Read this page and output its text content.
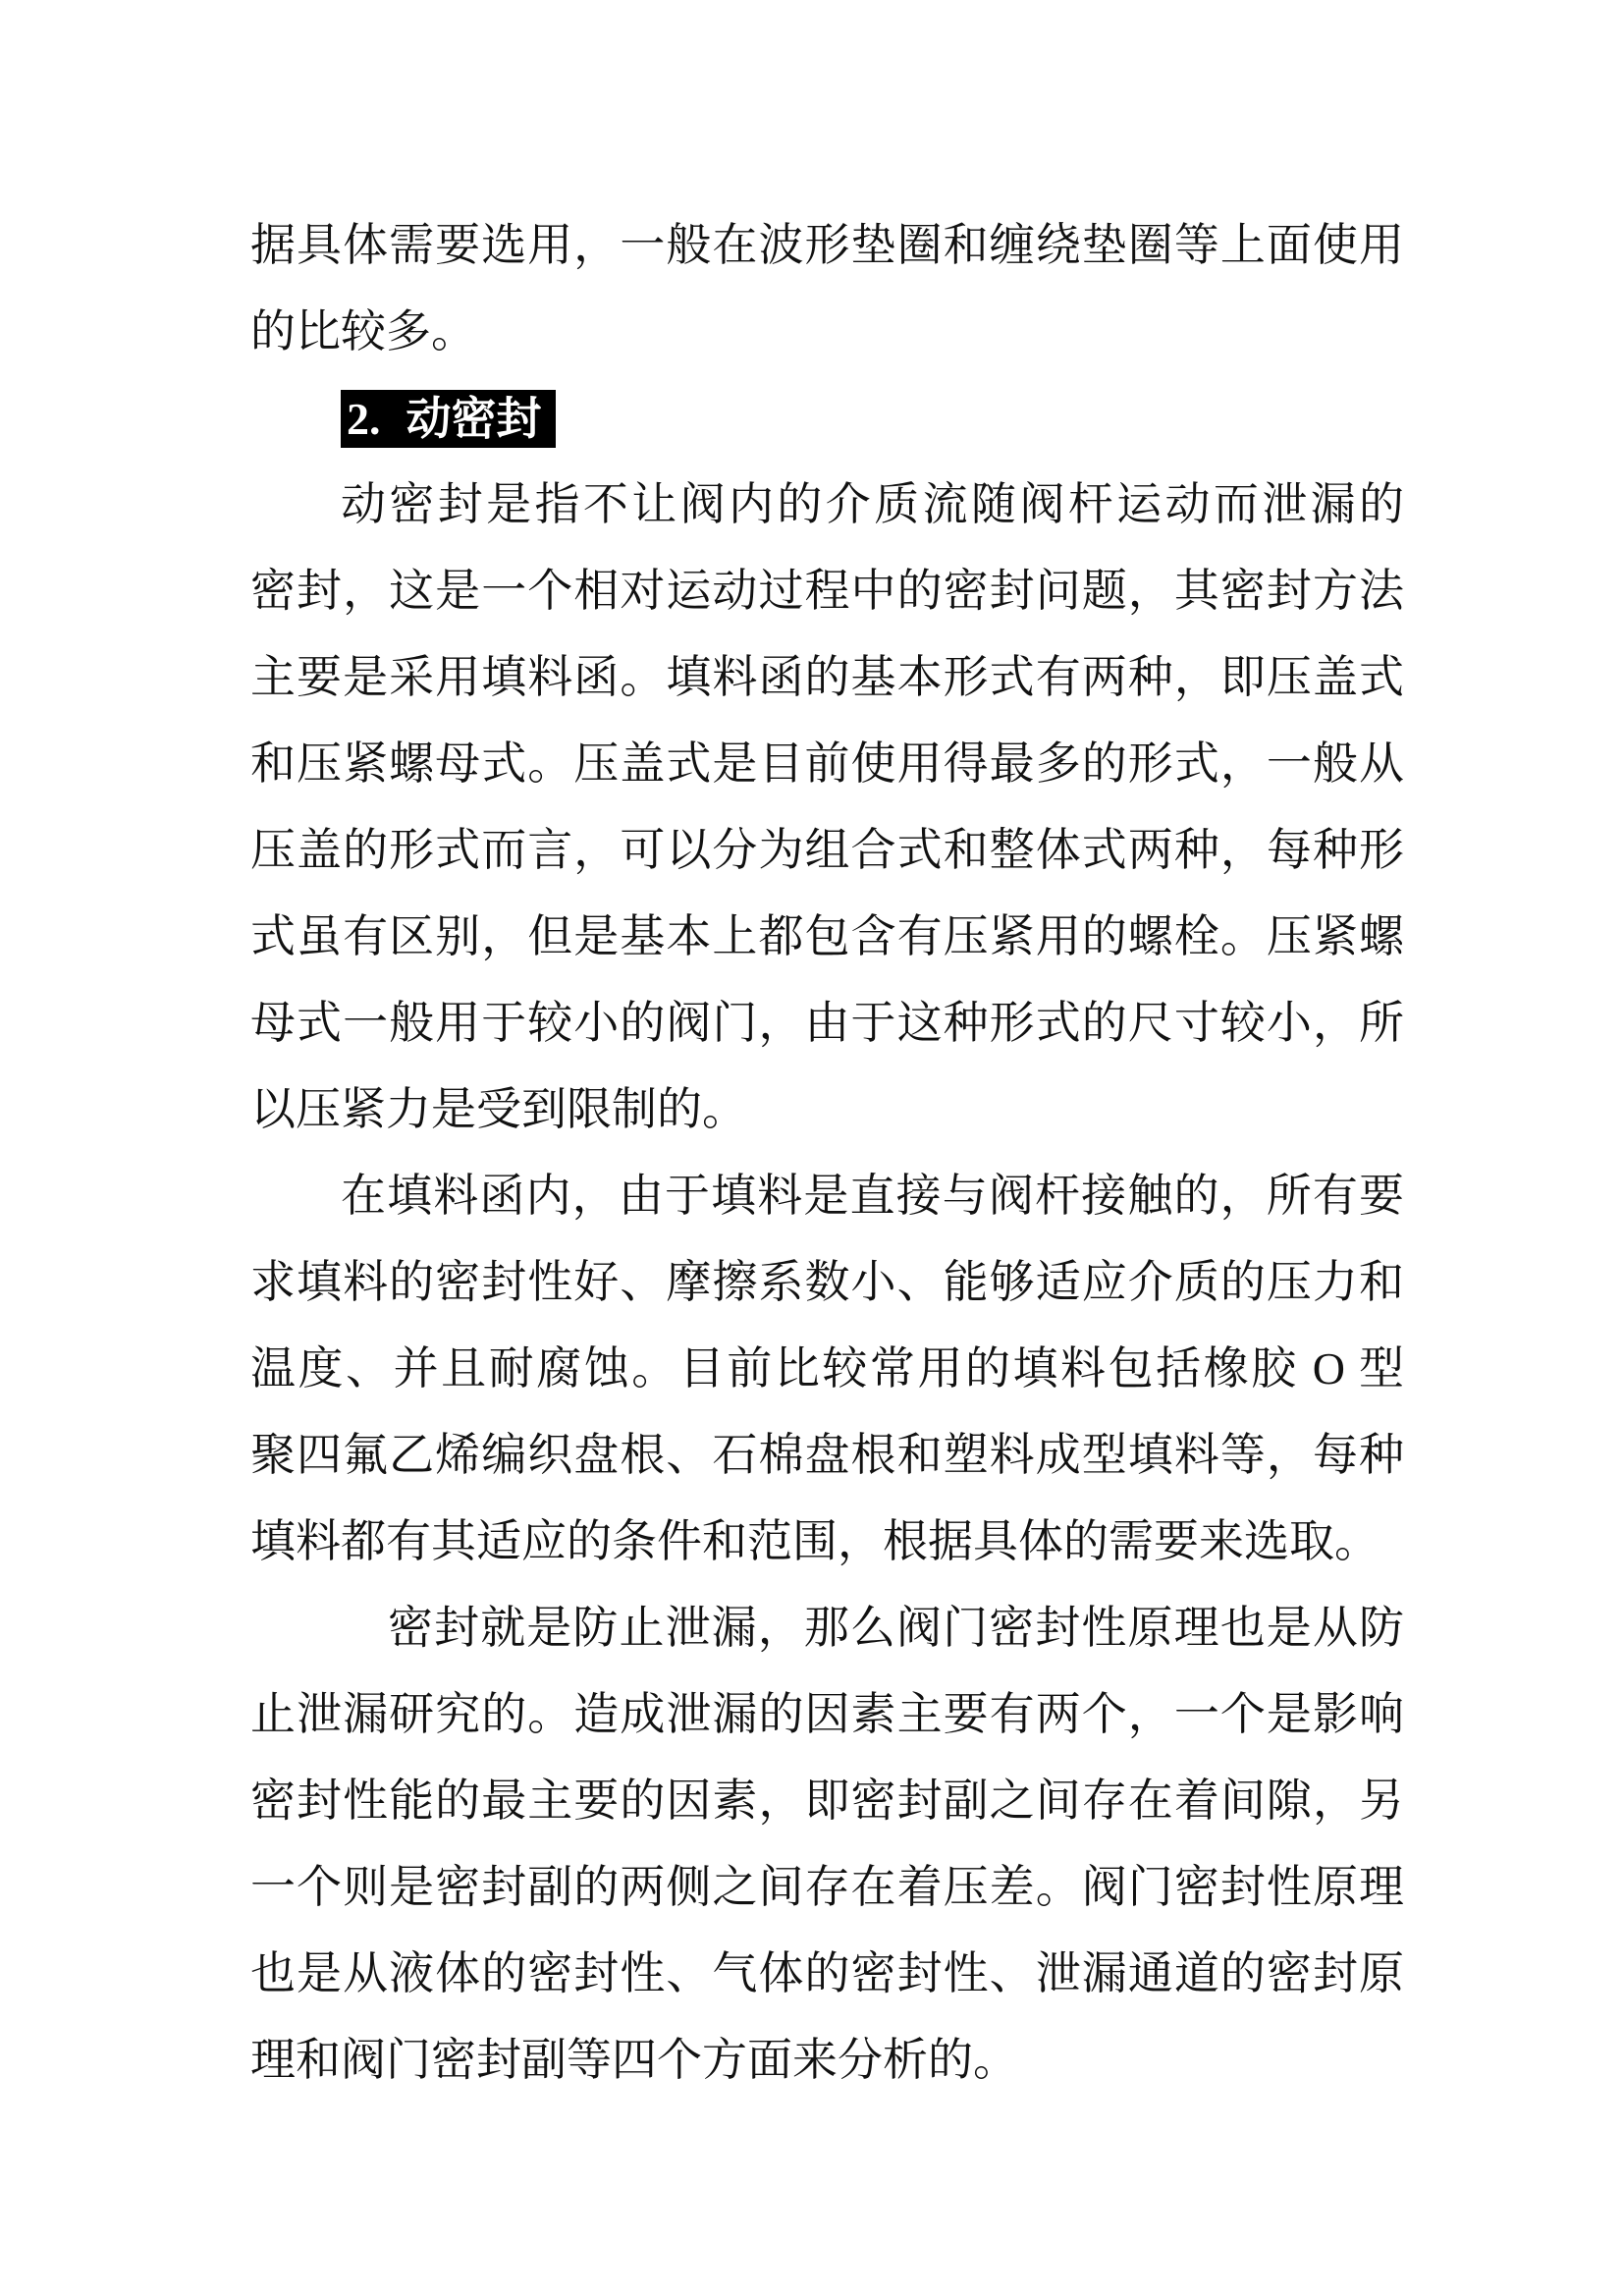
据具体需要选用，一般在波形垫圈和缠绕垫圈等上面使用
的比较多。
2. 动密封
动密封是指不让阀内的介质流随阀杆运动而泄漏的
密封，这是一个相对运动过程中的密封问题，其密封方法
主要是采用填料函。填料函的基本形式有两种，即压盖式
和压紧螺母式。压盖式是目前使用得最多的形式，一般从
压盖的形式而言，可以分为组合式和整体式两种，每种形
式虽有区别，但是基本上都包含有压紧用的螺栓。压紧螺
母式一般用于较小的阀门，由于这种形式的尺寸较小，所
以压紧力是受到限制的。
在填料函内，由于填料是直接与阀杆接触的，所有要
求填料的密封性好、摩擦系数小、能够适应介质的压力和
温度、并且耐腐蚀。目前比较常用的填料包括橡胶 O 型
聚四氟乙烯编织盘根、石棉盘根和塑料成型填料等，每种
填料都有其适应的条件和范围，根据具体的需要来选取。
密封就是防止泄漏，那么阀门密封性原理也是从防
止泄漏研究的。造成泄漏的因素主要有两个，一个是影响
密封性能的最主要的因素，即密封副之间存在着间隙，另
一个则是密封副的两侧之间存在着压差。阀门密封性原理
也是从液体的密封性、气体的密封性、泄漏通道的密封原
理和阀门密封副等四个方面来分析的。
